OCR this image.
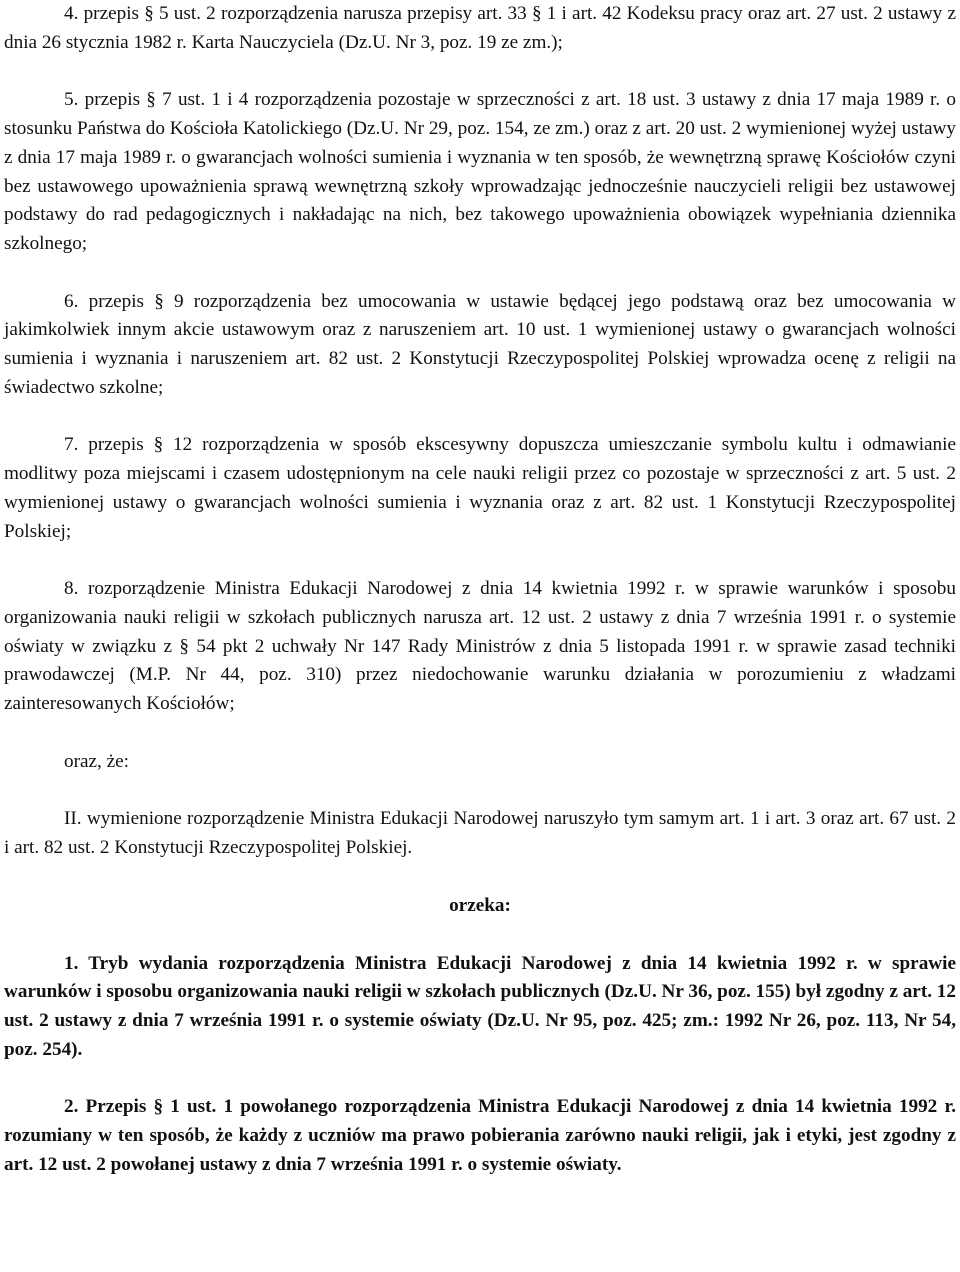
4. przepis § 5 ust. 2 rozporządzenia narusza przepisy art. 33 § 1 i art. 42 Kodeksu pracy oraz art. 27 ust. 2 ustawy z dnia 26 stycznia 1982 r. Karta Nauczyciela (Dz.U. Nr 3, poz. 19 ze zm.);

5. przepis § 7 ust. 1 i 4 rozporządzenia pozostaje w sprzeczności z art. 18 ust. 3 ustawy z dnia 17 maja 1989 r. o stosunku Państwa do Kościoła Katolickiego (Dz.U. Nr 29, poz. 154, ze zm.) oraz z art. 20 ust. 2 wymienionej wyżej ustawy z dnia 17 maja 1989 r. o gwarancjach wolności sumienia i wyznania w ten sposób, że wewnętrzną sprawę Kościołów czyni bez ustawowego upoważnienia sprawą wewnętrzną szkoły wprowadzając jednocześnie nauczycieli religii bez ustawowej podstawy do rad pedagogicznych i nakładając na nich, bez takowego upoważnienia obowiązek wypełniania dziennika szkolnego;

6. przepis § 9 rozporządzenia bez umocowania w ustawie będącej jego podstawą oraz bez umocowania w jakimkolwiek innym akcie ustawowym oraz z naruszeniem art. 10 ust. 1 wymienionej ustawy o gwarancjach wolności sumienia i wyznania i naruszeniem art. 82 ust. 2 Konstytucji Rzeczypospolitej Polskiej wprowadza ocenę z religii na świadectwo szkolne;

7. przepis § 12 rozporządzenia w sposób ekscesywny dopuszcza umieszczanie symbolu kultu i odmawianie modlitwy poza miejscami i czasem udostępnionym na cele nauki religii przez co pozostaje w sprzeczności z art. 5 ust. 2 wymienionej ustawy o gwarancjach wolności sumienia i wyznania oraz z art. 82 ust. 1 Konstytucji Rzeczypospolitej Polskiej;

8. rozporządzenie Ministra Edukacji Narodowej z dnia 14 kwietnia 1992 r. w sprawie warunków i sposobu organizowania nauki religii w szkołach publicznych narusza art. 12 ust. 2 ustawy z dnia 7 września 1991 r. o systemie oświaty w związku z § 54 pkt 2 uchwały Nr 147 Rady Ministrów z dnia 5 listopada 1991 r. w sprawie zasad techniki prawodawczej (M.P. Nr 44, poz. 310) przez niedochowanie warunku działania w porozumieniu z władzami zainteresowanych Kościołów;

oraz, że:

II. wymienione rozporządzenie Ministra Edukacji Narodowej naruszyło tym samym art. 1 i art. 3 oraz art. 67 ust. 2 i art. 82 ust. 2 Konstytucji Rzeczypospolitej Polskiej.

orzeka:

1. Tryb wydania rozporządzenia Ministra Edukacji Narodowej z dnia 14 kwietnia 1992 r. w sprawie warunków i sposobu organizowania nauki religii w szkołach publicznych (Dz.U. Nr 36, poz. 155) był zgodny z art. 12 ust. 2 ustawy z dnia 7 września 1991 r. o systemie oświaty (Dz.U. Nr 95, poz. 425; zm.: 1992 Nr 26, poz. 113, Nr 54, poz. 254).

2. Przepis § 1 ust. 1 powołanego rozporządzenia Ministra Edukacji Narodowej z dnia 14 kwietnia 1992 r. rozumiany w ten sposób, że każdy z uczniów ma prawo pobierania zarówno nauki religii, jak i etyki, jest zgodny z art. 12 ust. 2 powołanej ustawy z dnia 7 września 1991 r. o systemie oświaty.
